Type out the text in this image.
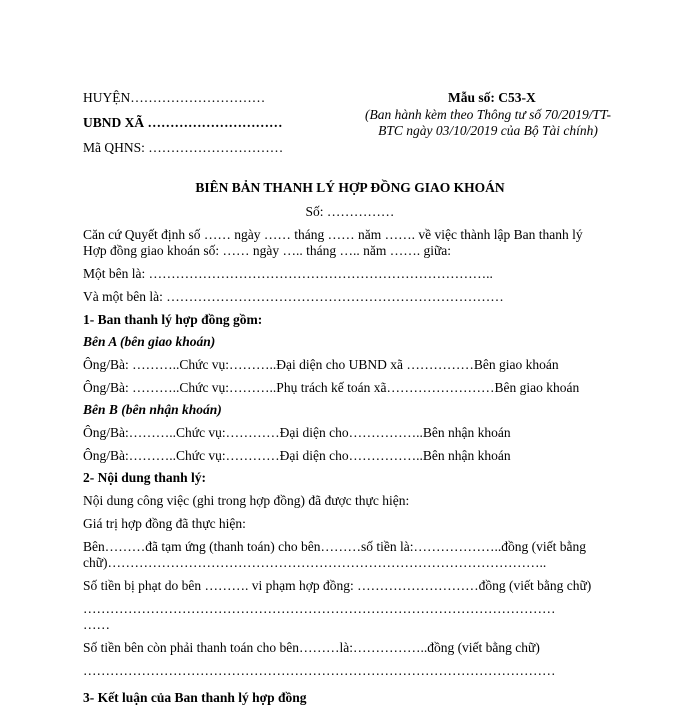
HUYỆN…………………………
UBND XÃ …………………………
Mã QHNS: …………………………
Mẫu số: C53-X
(Ban hành kèm theo Thông tư số 70/2019/TT-
BTC ngày 03/10/2019 của Bộ Tài chính)
BIÊN BẢN THANH LÝ HỢP ĐỒNG GIAO KHOÁN
Số: ……………
Căn cứ Quyết định số …… ngày …… tháng …… năm ……. về việc thành lập Ban thanh lý
Hợp đồng giao khoán số: …… ngày ….. tháng ….. năm ……. giữa:
Một bên là: …………………………………………………………………..
Và một bên là: …………………………………………………………………
1- Ban thanh lý hợp đồng gồm:
Bên A (bên giao khoán)
Ông/Bà: ………..Chức vụ:………..Đại diện cho UBND xã ……………Bên giao khoán
Ông/Bà: ………..Chức vụ:………..Phụ trách kế toán xã……………………Bên giao khoán
Bên B (bên nhận khoán)
Ông/Bà:………..Chức vụ:…………Đại diện cho……………..Bên nhận khoán
Ông/Bà:………..Chức vụ:…………Đại diện cho……………..Bên nhận khoán
2- Nội dung thanh lý:
Nội dung công việc (ghi trong hợp đồng) đã được thực hiện:
Giá trị hợp đồng đã thực hiện:
Bên………đã tạm ứng (thanh toán) cho bên………số tiền là:………………..đồng (viết bằng
chữ)……………………………………………………………………………………..
Số tiền bị phạt do bên ………. vi phạm hợp đồng: ………………………đồng (viết bằng chữ)
……………………………………………………………………………………………
……
Số tiền bên còn phải thanh toán cho bên………là:……………..đồng (viết bằng chữ)
……………………………………………………………………………………………
3- Kết luận của Ban thanh lý hợp đồng
